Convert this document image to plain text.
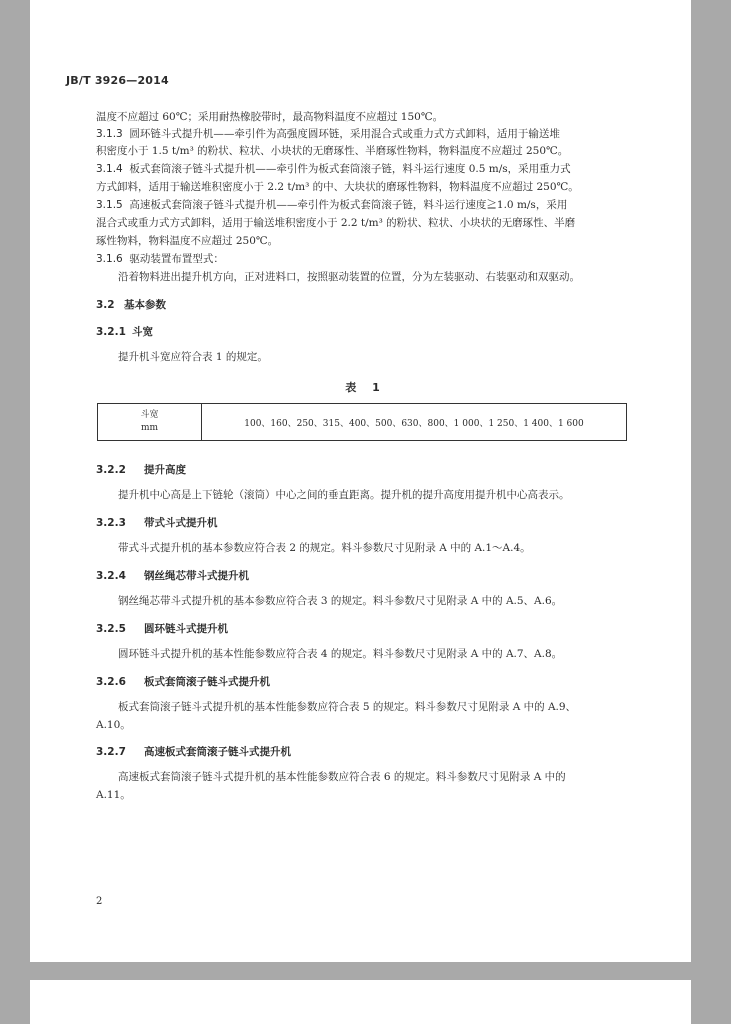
JB/T 3926—2014
温度不应超过 60℃；采用耐热橡胶带时，最高物料温度不应超过 150℃。
3.1.3 圆环链斗式提升机——牵引件为高强度圆环链，采用混合式或重力式方式卸料，适用于输送堆
积密度小于 1.5 t/m³ 的粉状、粒状、小块状的无磨琢性、半磨琢性物料，物料温度不应超过 250℃。
3.1.4 板式套筒滚子链斗式提升机——牵引件为板式套筒滚子链，料斗运行速度 0.5 m/s，采用重力式
方式卸料，适用于输送堆积密度小于 2.2 t/m³ 的中、大块状的磨琢性物料，物料温度不应超过 250℃。
3.1.5 高速板式套筒滚子链斗式提升机——牵引件为板式套筒滚子链，料斗运行速度≧1.0 m/s，采用
混合式或重力式方式卸料，适用于输送堆积密度小于 2.2 t/m³ 的粉状、粒状、小块状的无磨琢性、半磨
琢性物料，物料温度不应超过 250℃。
3.1.6 驱动装置布置型式：
沿着物料进出提升机方向，正对进料口，按照驱动装置的位置，分为左装驱动、右装驱动和双驱动。
3.2 基本参数
3.2.1 斗宽
提升机斗宽应符合表 1 的规定。
表 1
斗宽
mm	100、160、250、315、400、500、630、800、1 000、1 250、1 400、1 600
3.2.2 提升高度
提升机中心高是上下链轮（滚筒）中心之间的垂直距离。提升机的提升高度用提升机中心高表示。
3.2.3 带式斗式提升机
带式斗式提升机的基本参数应符合表 2 的规定。料斗参数尺寸见附录 A 中的 A.1～A.4。
3.2.4 钢丝绳芯带斗式提升机
钢丝绳芯带斗式提升机的基本参数应符合表 3 的规定。料斗参数尺寸见附录 A 中的 A.5、A.6。
3.2.5 圆环链斗式提升机
圆环链斗式提升机的基本性能参数应符合表 4 的规定。料斗参数尺寸见附录 A 中的 A.7、A.8。
3.2.6 板式套筒滚子链斗式提升机
板式套筒滚子链斗式提升机的基本性能参数应符合表 5 的规定。料斗参数尺寸见附录 A 中的 A.9、
A.10。
3.2.7 高速板式套筒滚子链斗式提升机
高速板式套筒滚子链斗式提升机的基本性能参数应符合表 6 的规定。料斗参数尺寸见附录 A 中的
A.11。
2
